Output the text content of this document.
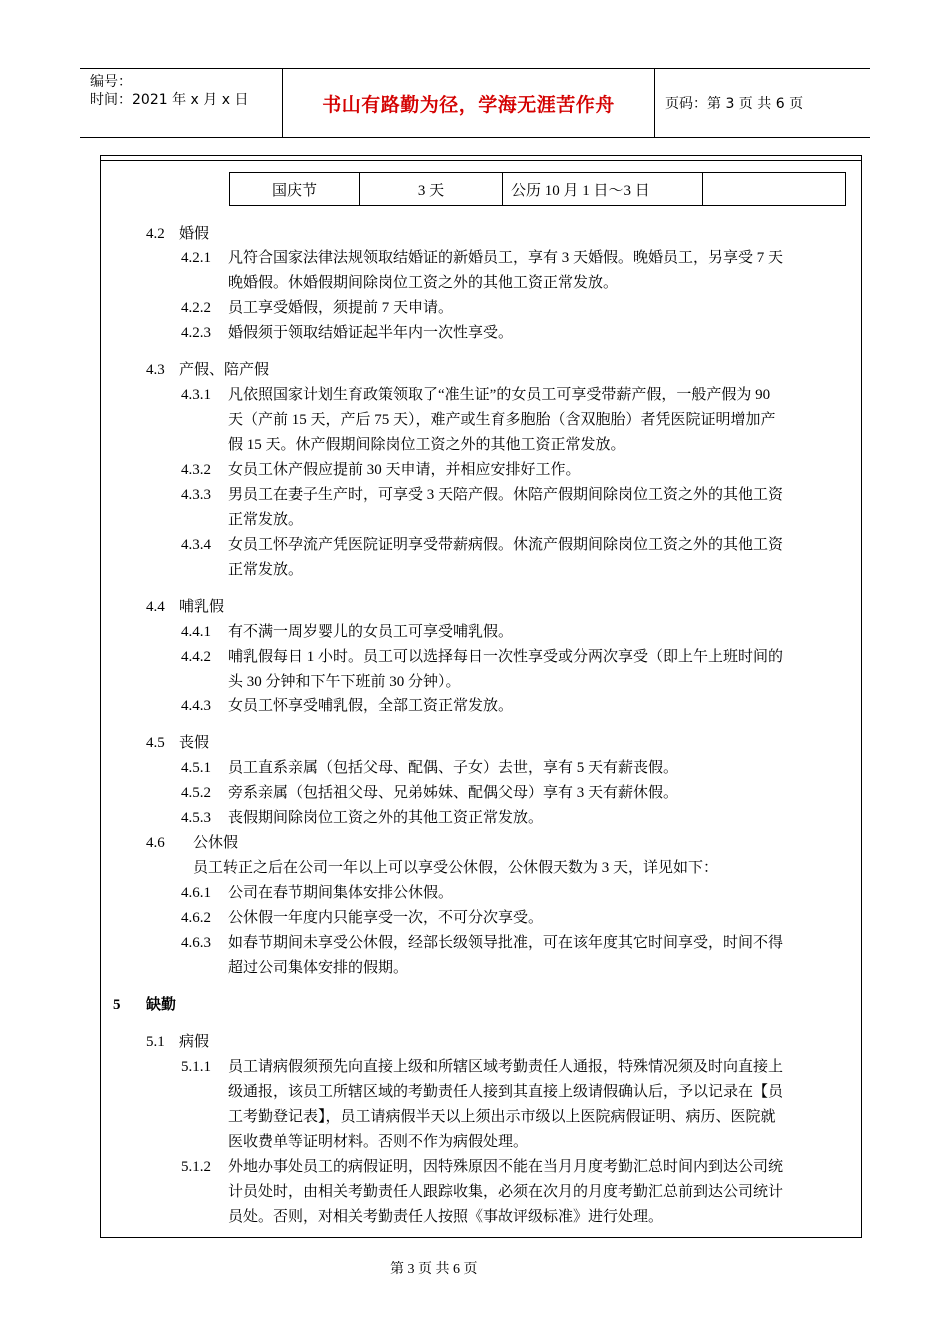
编号：
时间：2021 年 x 月 x 日	书山有路勤为径，学海无涯苦作舟	页码：第 3 页 共 6 页
国庆节	3 天	公历 10 月 1 日～3 日
4.2 婚假
4.2.1 凡符合国家法律法规领取结婚证的新婚员工，享有 3 天婚假。晚婚员工，另享受 7 天
晚婚假。休婚假期间除岗位工资之外的其他工资正常发放。
4.2.2 员工享受婚假，须提前 7 天申请。
4.2.3 婚假须于领取结婚证起半年内一次性享受。
4.3 产假、陪产假
4.3.1 凡依照国家计划生育政策领取了“准生证”的女员工可享受带薪产假，一般产假为 90
天（产前 15 天，产后 75 天），难产或生育多胞胎（含双胞胎）者凭医院证明增加产
假 15 天。休产假期间除岗位工资之外的其他工资正常发放。
4.3.2 女员工休产假应提前 30 天申请，并相应安排好工作。
4.3.3 男员工在妻子生产时，可享受 3 天陪产假。休陪产假期间除岗位工资之外的其他工资
正常发放。
4.3.4 女员工怀孕流产凭医院证明享受带薪病假。休流产假期间除岗位工资之外的其他工资
正常发放。
4.4 哺乳假
4.4.1 有不满一周岁婴儿的女员工可享受哺乳假。
4.4.2 哺乳假每日 1 小时。员工可以选择每日一次性享受或分两次享受（即上午上班时间的
头 30 分钟和下午下班前 30 分钟）。
4.4.3 女员工怀享受哺乳假，全部工资正常发放。
4.5 丧假
4.5.1 员工直系亲属（包括父母、配偶、子女）去世，享有 5 天有薪丧假。
4.5.2 旁系亲属（包括祖父母、兄弟姊妹、配偶父母）享有 3 天有薪休假。
4.5.3 丧假期间除岗位工资之外的其他工资正常发放。
4.6 公休假
员工转正之后在公司一年以上可以享受公休假，公休假天数为 3 天，详见如下：
4.6.1 公司在春节期间集体安排公休假。
4.6.2 公休假一年度内只能享受一次，不可分次享受。
4.6.3 如春节期间未享受公休假，经部长级领导批准，可在该年度其它时间享受，时间不得
超过公司集体安排的假期。
5 缺勤
5.1 病假
5.1.1 员工请病假须预先向直接上级和所辖区域考勤责任人通报，特殊情况须及时向直接上
级通报，该员工所辖区域的考勤责任人接到其直接上级请假确认后，予以记录在【员
工考勤登记表】，员工请病假半天以上须出示市级以上医院病假证明、病历、医院就
医收费单等证明材料。否则不作为病假处理。
5.1.2 外地办事处员工的病假证明，因特殊原因不能在当月月度考勤汇总时间内到达公司统
计员处时，由相关考勤责任人跟踪收集，必须在次月的月度考勤汇总前到达公司统计
员处。否则，对相关考勤责任人按照《事故评级标准》进行处理。
第 3 页 共 6 页
